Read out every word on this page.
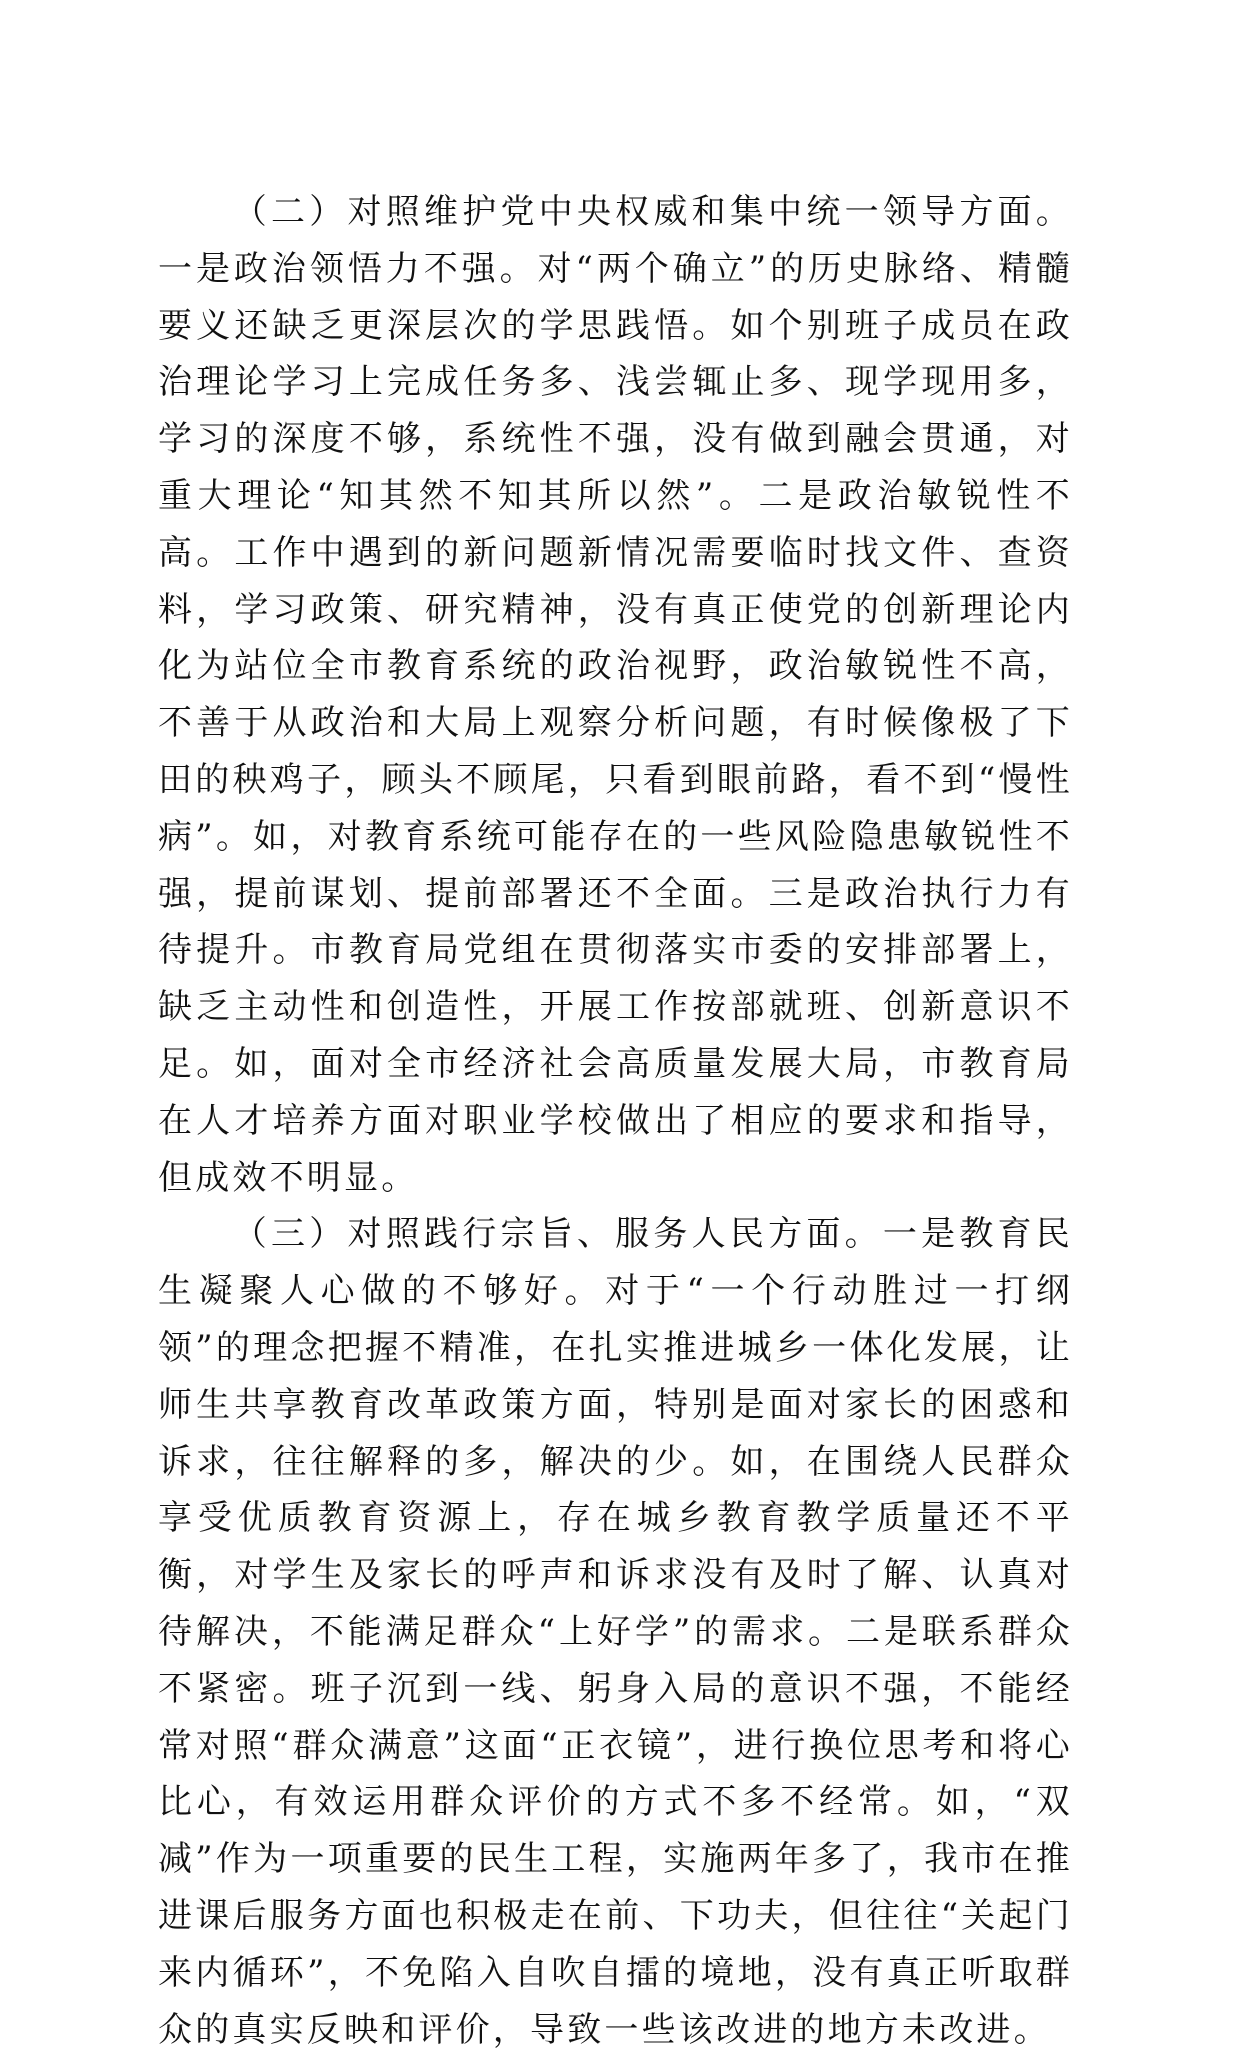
（二）对照维护党中央权威和集中统一领导方面。一是政治领悟力不强。对“两个确立”的历史脉络、精髓要义还缺乏更深层次的学思践悟。如个别班子成员在政治理论学习上完成任务多、浅尝辄止多、现学现用多，学习的深度不够，系统性不强，没有做到融会贯通，对重大理论“知其然不知其所以然”。二是政治敏锐性不高。工作中遇到的新问题新情况需要临时找文件、查资料，学习政策、研究精神，没有真正使党的创新理论内化为站位全市教育系统的政治视野，政治敏锐性不高，不善于从政治和大局上观察分析问题，有时候像极了下田的秧鸡子，顾头不顾尾，只看到眼前路，看不到“慢性病”。如，对教育系统可能存在的一些风险隐患敏锐性不强，提前谋划、提前部署还不全面。三是政治执行力有待提升。市教育局党组在贯彻落实市委的安排部署上，缺乏主动性和创造性，开展工作按部就班、创新意识不足。如，面对全市经济社会高质量发展大局，市教育局在人才培养方面对职业学校做出了相应的要求和指导，但成效不明显。

（三）对照践行宗旨、服务人民方面。一是教育民生凝聚人心做的不够好。对于“一个行动胜过一打纲领”的理念把握不精准，在扎实推进城乡一体化发展，让师生共享教育改革政策方面，特别是面对家长的困惑和诉求，往往解释的多，解决的少。如，在围绕人民群众享受优质教育资源上，存在城乡教育教学质量还不平衡，对学生及家长的呼声和诉求没有及时了解、认真对待解决，不能满足群众“上好学”的需求。二是联系群众不紧密。班子沉到一线、躬身入局的意识不强，不能经常对照“群众满意”这面“正衣镜”，进行换位思考和将心比心，有效运用群众评价的方式不多不经常。如，“双减”作为一项重要的民生工程，实施两年多了，我市在推进课后服务方面也积极走在前、下功夫，但往往“关起门来内循环”，不免陷入自吹自擂的境地，没有真正听取群众的真实反映和评价，导致一些该改进的地方未改进。
